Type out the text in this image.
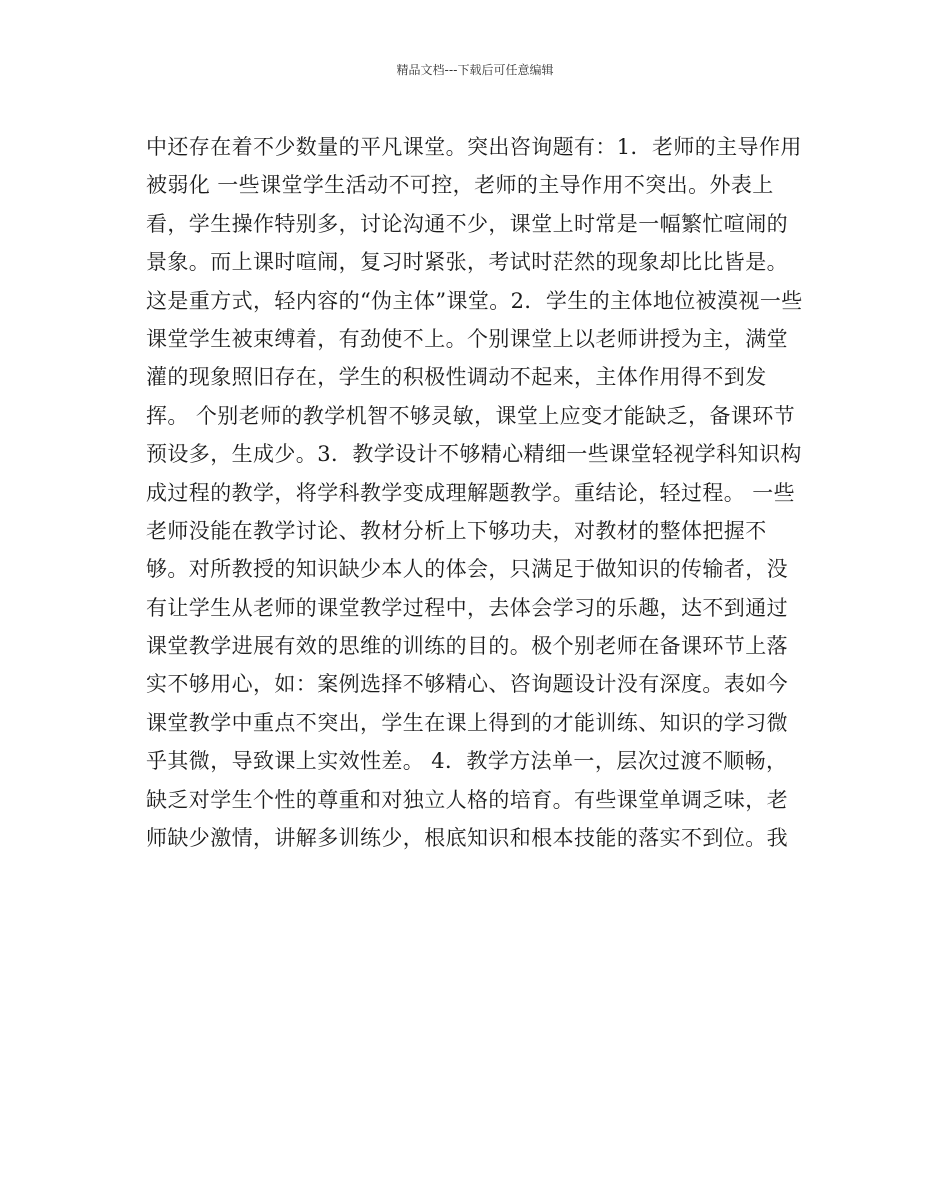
精品文档---下载后可任意编辑
中还存在着不少数量的平凡课堂。突出咨询题有：1．老师的主导作用
被弱化 一些课堂学生活动不可控，老师的主导作用不突出。外表上
看，学生操作特别多，讨论沟通不少，课堂上时常是一幅繁忙喧闹的
景象。而上课时喧闹，复习时紧张，考试时茫然的现象却比比皆是。
这是重方式，轻内容的“伪主体”课堂。2．学生的主体地位被漠视一些
课堂学生被束缚着，有劲使不上。个别课堂上以老师讲授为主，满堂
灌的现象照旧存在，学生的积极性调动不起来，主体作用得不到发
挥。 个别老师的教学机智不够灵敏，课堂上应变才能缺乏，备课环节
预设多，生成少。3．教学设计不够精心精细一些课堂轻视学科知识构
成过程的教学，将学科教学变成理解题教学。重结论，轻过程。 一些
老师没能在教学讨论、教材分析上下够功夫，对教材的整体把握不
够。对所教授的知识缺少本人的体会，只满足于做知识的传输者，没
有让学生从老师的课堂教学过程中，去体会学习的乐趣，达不到通过
课堂教学进展有效的思维的训练的目的。极个别老师在备课环节上落
实不够用心，如：案例选择不够精心、咨询题设计没有深度。表如今
课堂教学中重点不突出，学生在课上得到的才能训练、知识的学习微
乎其微，导致课上实效性差。 4．教学方法单一，层次过渡不顺畅，
缺乏对学生个性的尊重和对独立人格的培育。有些课堂单调乏味，老
师缺少激情，讲解多训练少，根底知识和根本技能的落实不到位。我
